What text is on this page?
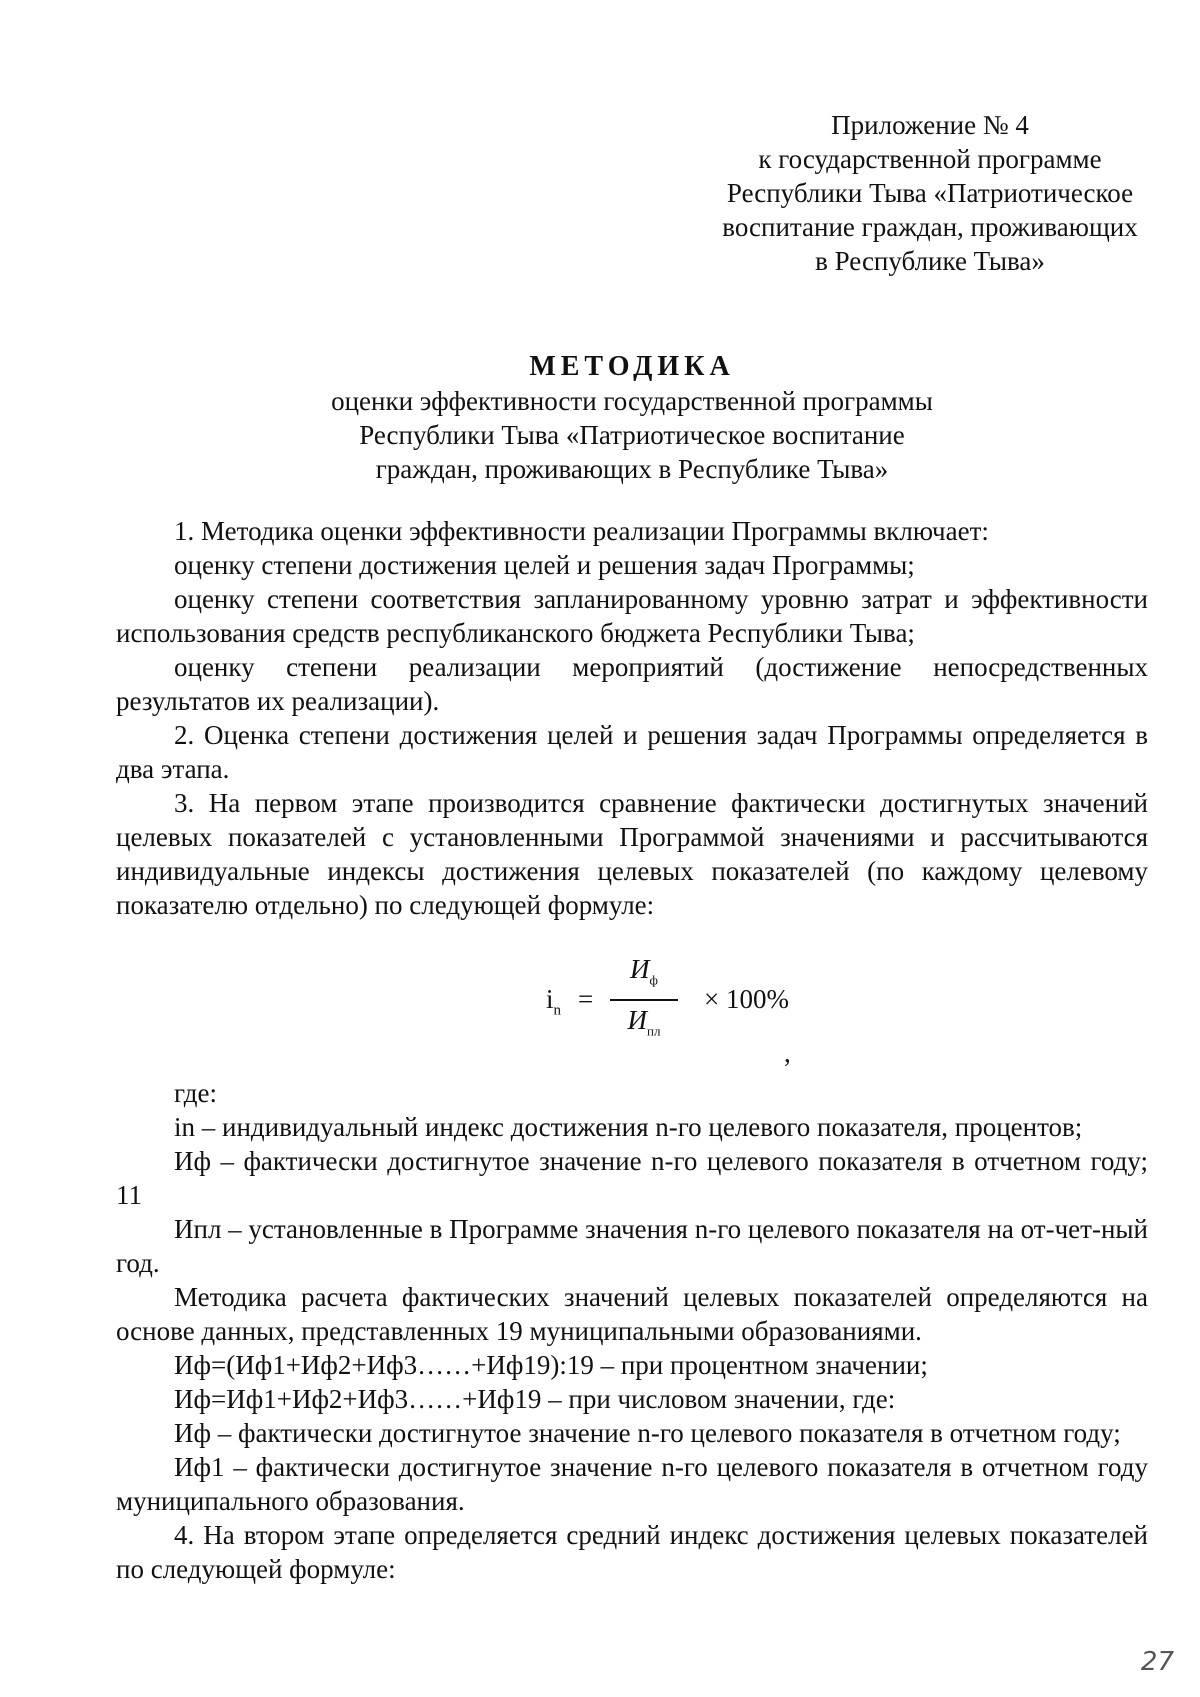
Приложение № 4
к государственной программе
Республики Тыва «Патриотическое
воспитание граждан, проживающих
в Республике Тыва»
МЕТОДИКА
оценки эффективности государственной программы
Республики Тыва «Патриотическое воспитание
граждан, проживающих в Республике Тыва»

1. Методика оценки эффективности реализации Программы включает:

оценку степени достижения целей и решения задач Программы;

оценку степени соответствия запланированному уровню затрат и эффективности использования средств республиканского бюджета Республики Тыва;

оценку степени реализации мероприятий (достижение непосредственных результатов их реализации).

2. Оценка степени достижения целей и решения задач Программы определяется в два этапа.

3. На первом этапе производится сравнение фактически достигнутых значений целевых показателей с установленными Программой значениями и рассчитываются индивидуальные индексы достижения целевых показателей (по каждому целевому показателю отдельно) по следующей формуле:

$i_n$ =
$И_ф$
$И_{пл}$
× 100%
,

где:

in – индивидуальный индекс достижения n-го целевого показателя, процентов;

Иф – фактически достигнутое значение n-го целевого показателя в отчетном году; 11

Ипл – установленные в Программе значения n-го целевого показателя на от-чет-ный год.

Методика расчета фактических значений целевых показателей определяются на основе данных, представленных 19 муниципальными образованиями.

Иф=(Иф1+Иф2+Иф3……+Иф19):19 – при процентном значении;

Иф=Иф1+Иф2+Иф3……+Иф19 – при числовом значении, где:

Иф – фактически достигнутое значение n-го целевого показателя в отчетном году;

Иф1 – фактически достигнутое значение n-го целевого показателя в отчетном году муниципального образования.

4. На втором этапе определяется средний индекс достижения целевых показателей по следующей формуле:

27
